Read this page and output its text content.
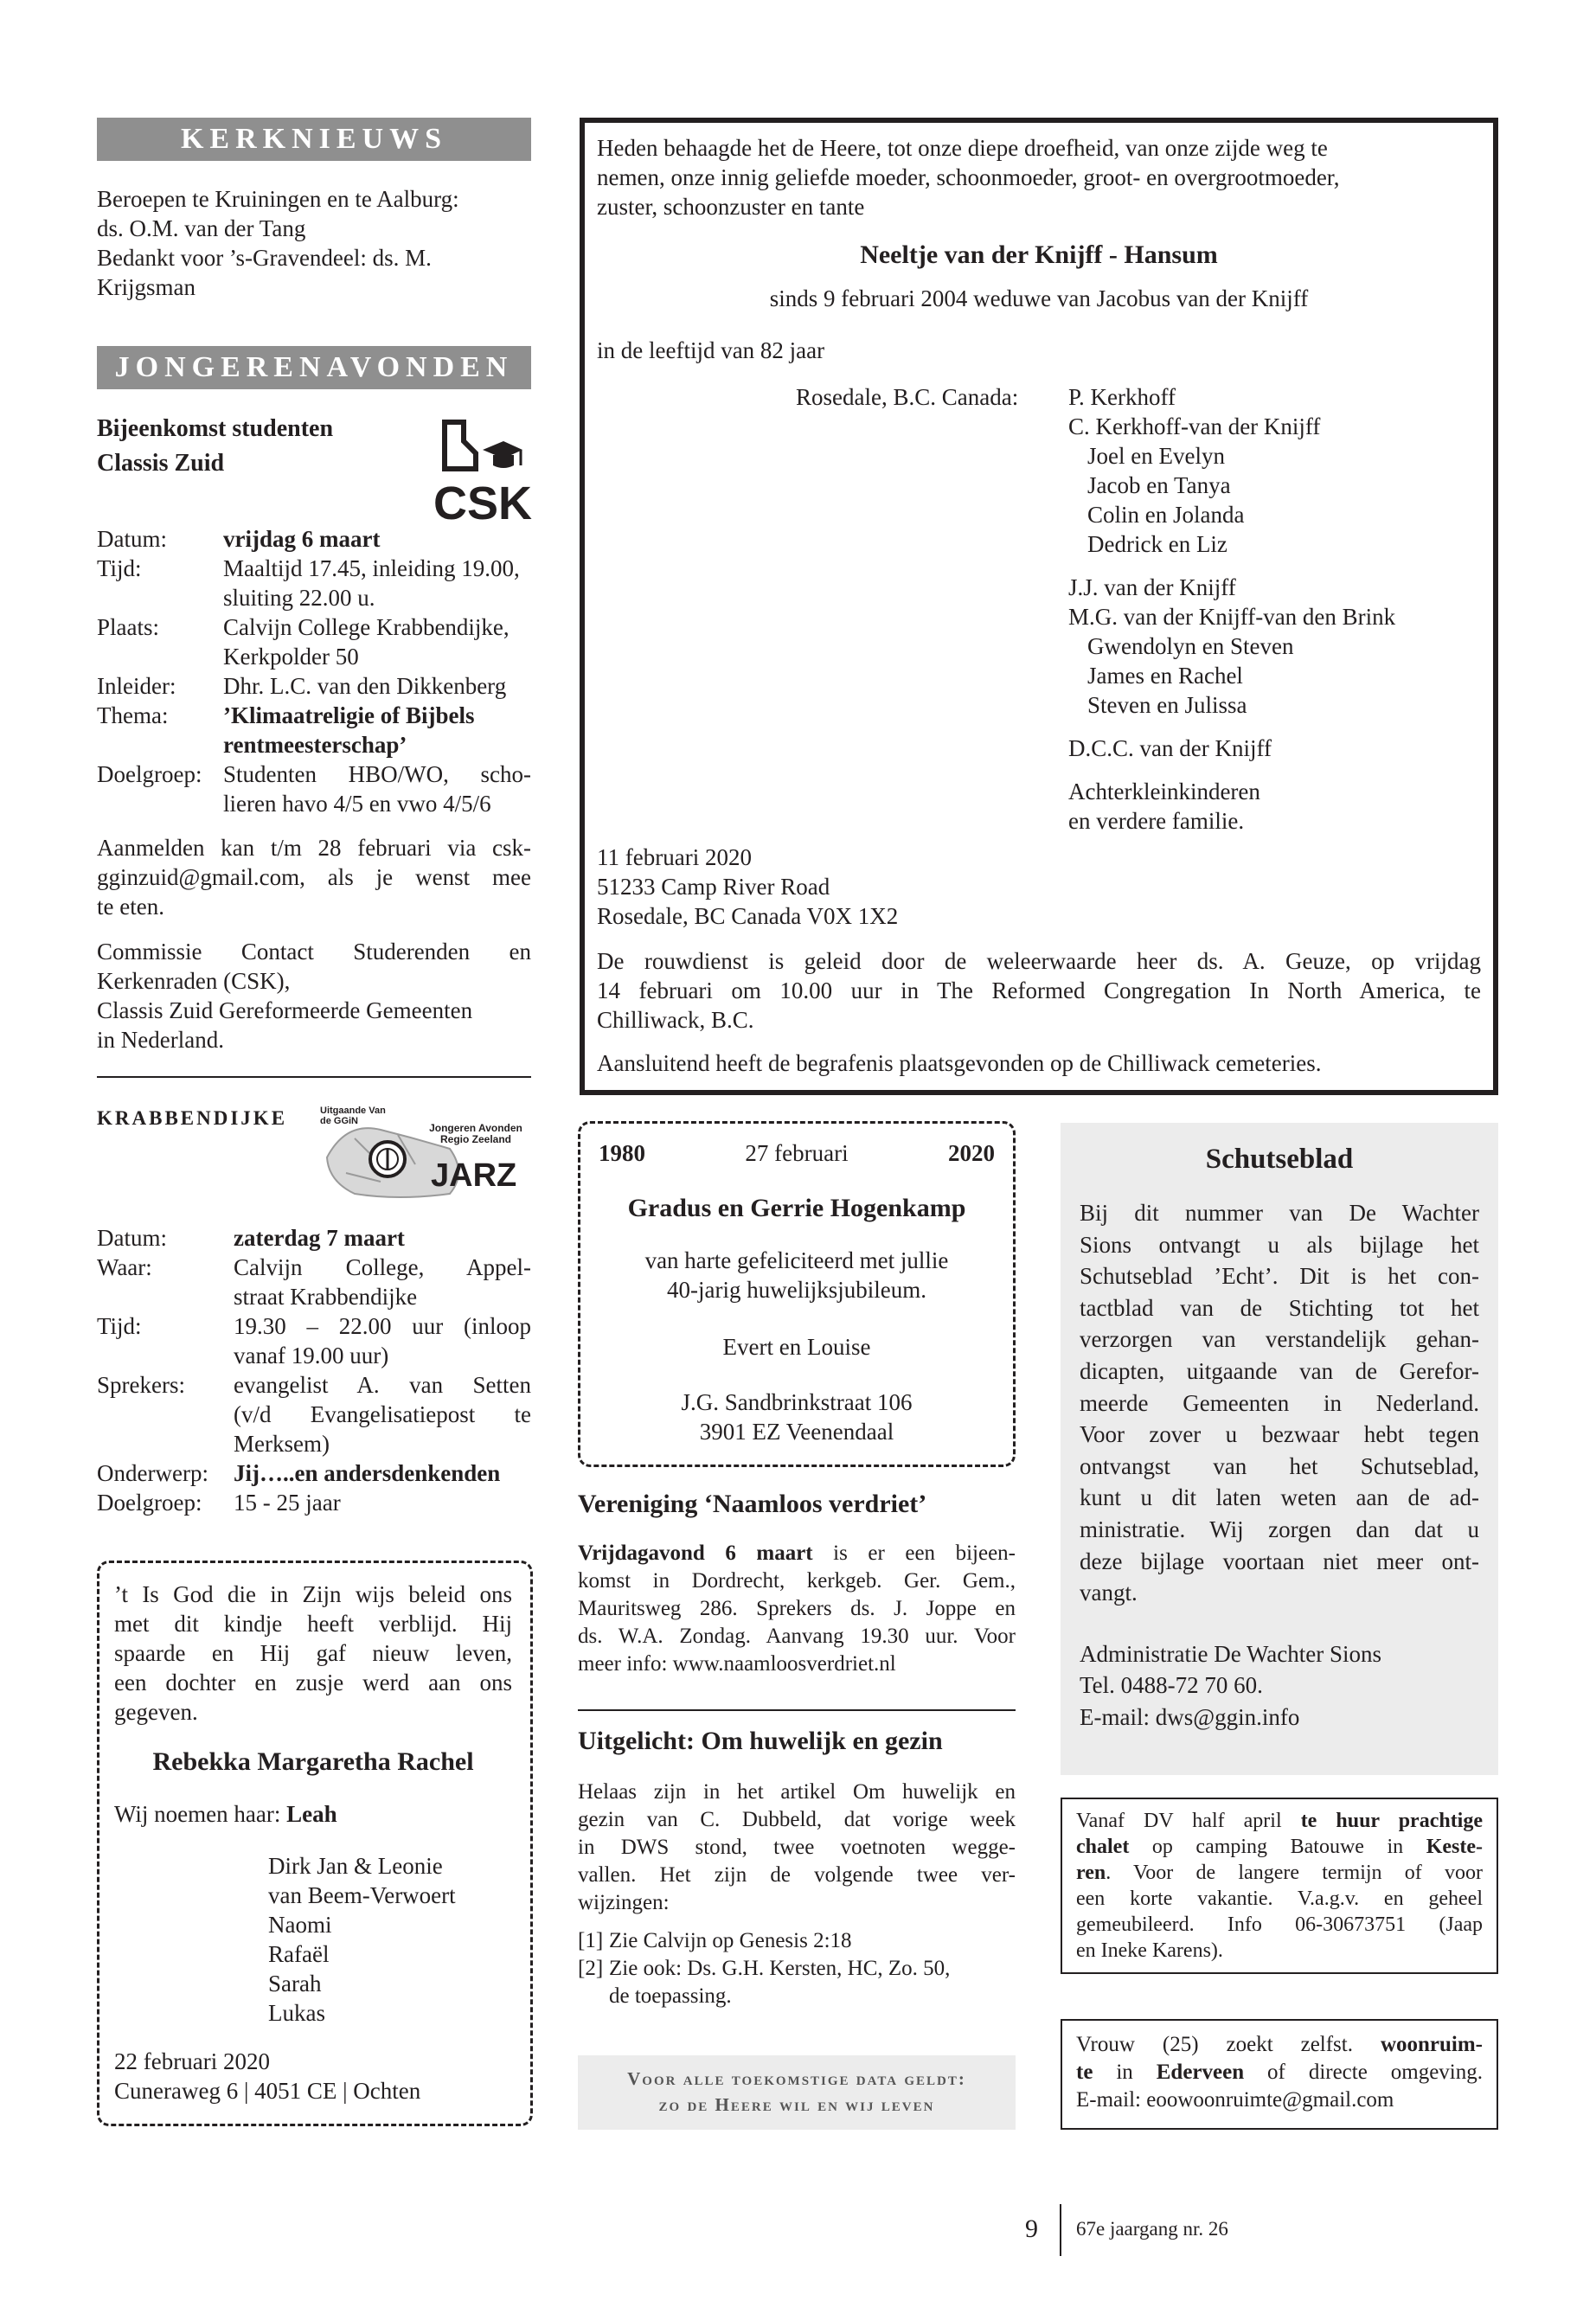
KERKNIEUWS

Beroepen te Kruiningen en te Aalburg:

ds. O.M. van der Tang

Bedankt voor ’s-Gravendeel: ds. M.

Krijgsman

JONGERENAVONDEN

Bijeenkomst studenten

Classis Zuid

CSK
Datum:	vrijdag 6 maart
Tijd:	Maaltijd 17.45, inleiding 19.00,

sluiting 22.00 u.

Plaats:	Calvijn College Krabbendijke,

Kerkpolder 50

Inleider:	Dhr. L.C. van den Dikkenberg
Thema:	’Klimaatreligie of Bijbels

rentmeesterschap’

Doelgroep: Studenten HBO/WO, scho-

lieren havo 4/5 en vwo 4/5/6

Aanmelden kan t/m 28 februari via csk-

gginzuid@gmail.com, als je wenst mee

te eten.

Commissie Contact Studerenden en

Kerkenraden (CSK),

Classis Zuid Gereformeerde Gemeenten

in Nederland.

KRABBENDIJKE	Uitgaande Van de GGiN
Jongeren Avonden Regio Zeeland
JARZ
Datum:	zaterdag 7 maart
Waar:	Calvijn College, Appel-

straat Krabbendijke

Tijd:	19.30 – 22.00 uur (inloop

vanaf 19.00 uur)

Sprekers:	evangelist A. van Setten

(v/d Evangelisatiepost te

Merksem)

Onderwerp:	Jij…..en andersdenkenden
Doelgroep:	15 - 25 jaar

’t Is God die in Zijn wijs beleid ons

met dit kindje heeft verblijd. Hij

spaarde en Hij gaf nieuw leven,

een dochter en zusje werd aan ons

gegeven.

Rebekka Margaretha Rachel
Wij noemen haar: Leah

Dirk Jan & Leonie

van Beem-Verwoert

Naomi

Rafaël

Sarah

Lukas

22 februari 2020

Cuneraweg 6 | 4051 CE | Ochten

Heden behaagde het de Heere, tot onze diepe droefheid, van onze zijde weg te

nemen, onze innig geliefde moeder, schoonmoeder, groot- en overgrootmoeder,

zuster, schoonzuster en tante

Neeltje van der Knijff - Hansum
sinds 9 februari 2004 weduwe van Jacobus van der Knijff
in de leeftijd van 82 jaar
Rosedale, B.C. Canada: P. Kerkhoff

C. Kerkhoff-van der Knijff

Joel en Evelyn

Jacob en Tanya

Colin en Jolanda

Dedrick en Liz

J.J. van der Knijff

M.G. van der Knijff-van den Brink

Gwendolyn en Steven

James en Rachel

Steven en Julissa

D.C.C. van der Knijff

Achterkleinkinderen

en verdere familie.

11 februari 2020

51233 Camp River Road

Rosedale, BC Canada V0X 1X2

De rouwdienst is geleid door de weleerwaarde heer ds. A. Geuze, op vrijdag

14 februari om 10.00 uur in The Reformed Congregation In North America, te

Chilliwack, B.C.

Aansluitend heeft de begrafenis plaatsgevonden op de Chilliwack cemeteries.
1980	27 februari	2020
Gradus en Gerrie Hogenkamp

van harte gefeliciteerd met jullie

40-jarig huwelijksjubileum.

Evert en Louise

J.G. Sandbrinkstraat 106

3901 EZ Veenendaal

Vereniging ‘Naamloos verdriet’

Vrijdagavond 6 maart is er een bijeen-

komst in Dordrecht, kerkgeb. Ger. Gem.,

Mauritsweg 286. Sprekers ds. J. Joppe en

ds. W.A. Zondag. Aanvang 19.30 uur. Voor

meer info: www.naamloosverdriet.nl

Uitgelicht: Om huwelijk en gezin

Helaas zijn in het artikel Om huwelijk en

gezin van C. Dubbeld, dat vorige week

in DWS stond, twee voetnoten wegge-

vallen. Het zijn de volgende twee ver-

wijzingen:

[1] Zie Calvijn op Genesis 2:18
[2] Zie ook: Ds. G.H. Kersten, HC, Zo. 50,

de toepassing.

Voor alle toekomstige data geldt:

zo de Heere wil en wij leven

Schutseblad

Bij dit nummer van De Wachter

Sions ontvangt u als bijlage het

Schutseblad ’Echt’. Dit is het con-

tactblad van de Stichting tot het

verzorgen van verstandelijk gehan-

dicapten, uitgaande van de Gerefor-

meerde Gemeenten in Nederland.

Voor zover u bezwaar hebt tegen

ontvangst van het Schutseblad,

kunt u dit laten weten aan de ad-

ministratie. Wij zorgen dan dat u

deze bijlage voortaan niet meer ont-

vangt.

Administratie De Wachter Sions

Tel. 0488-72 70 60.

E-mail: dws@ggin.info

Vanaf DV half april te huur prachtige

chalet op camping Batouwe in Keste-

ren. Voor de langere termijn of voor

een korte vakantie. V.a.g.v. en geheel

gemeubileerd. Info 06-30673751 (Jaap

en Ineke Karens).

Vrouw (25) zoekt zelfst. woonruim-

te in Ederveen of directe omgeving.

E-mail: eoowoonruimte@gmail.com

9 67e jaargang nr. 26
